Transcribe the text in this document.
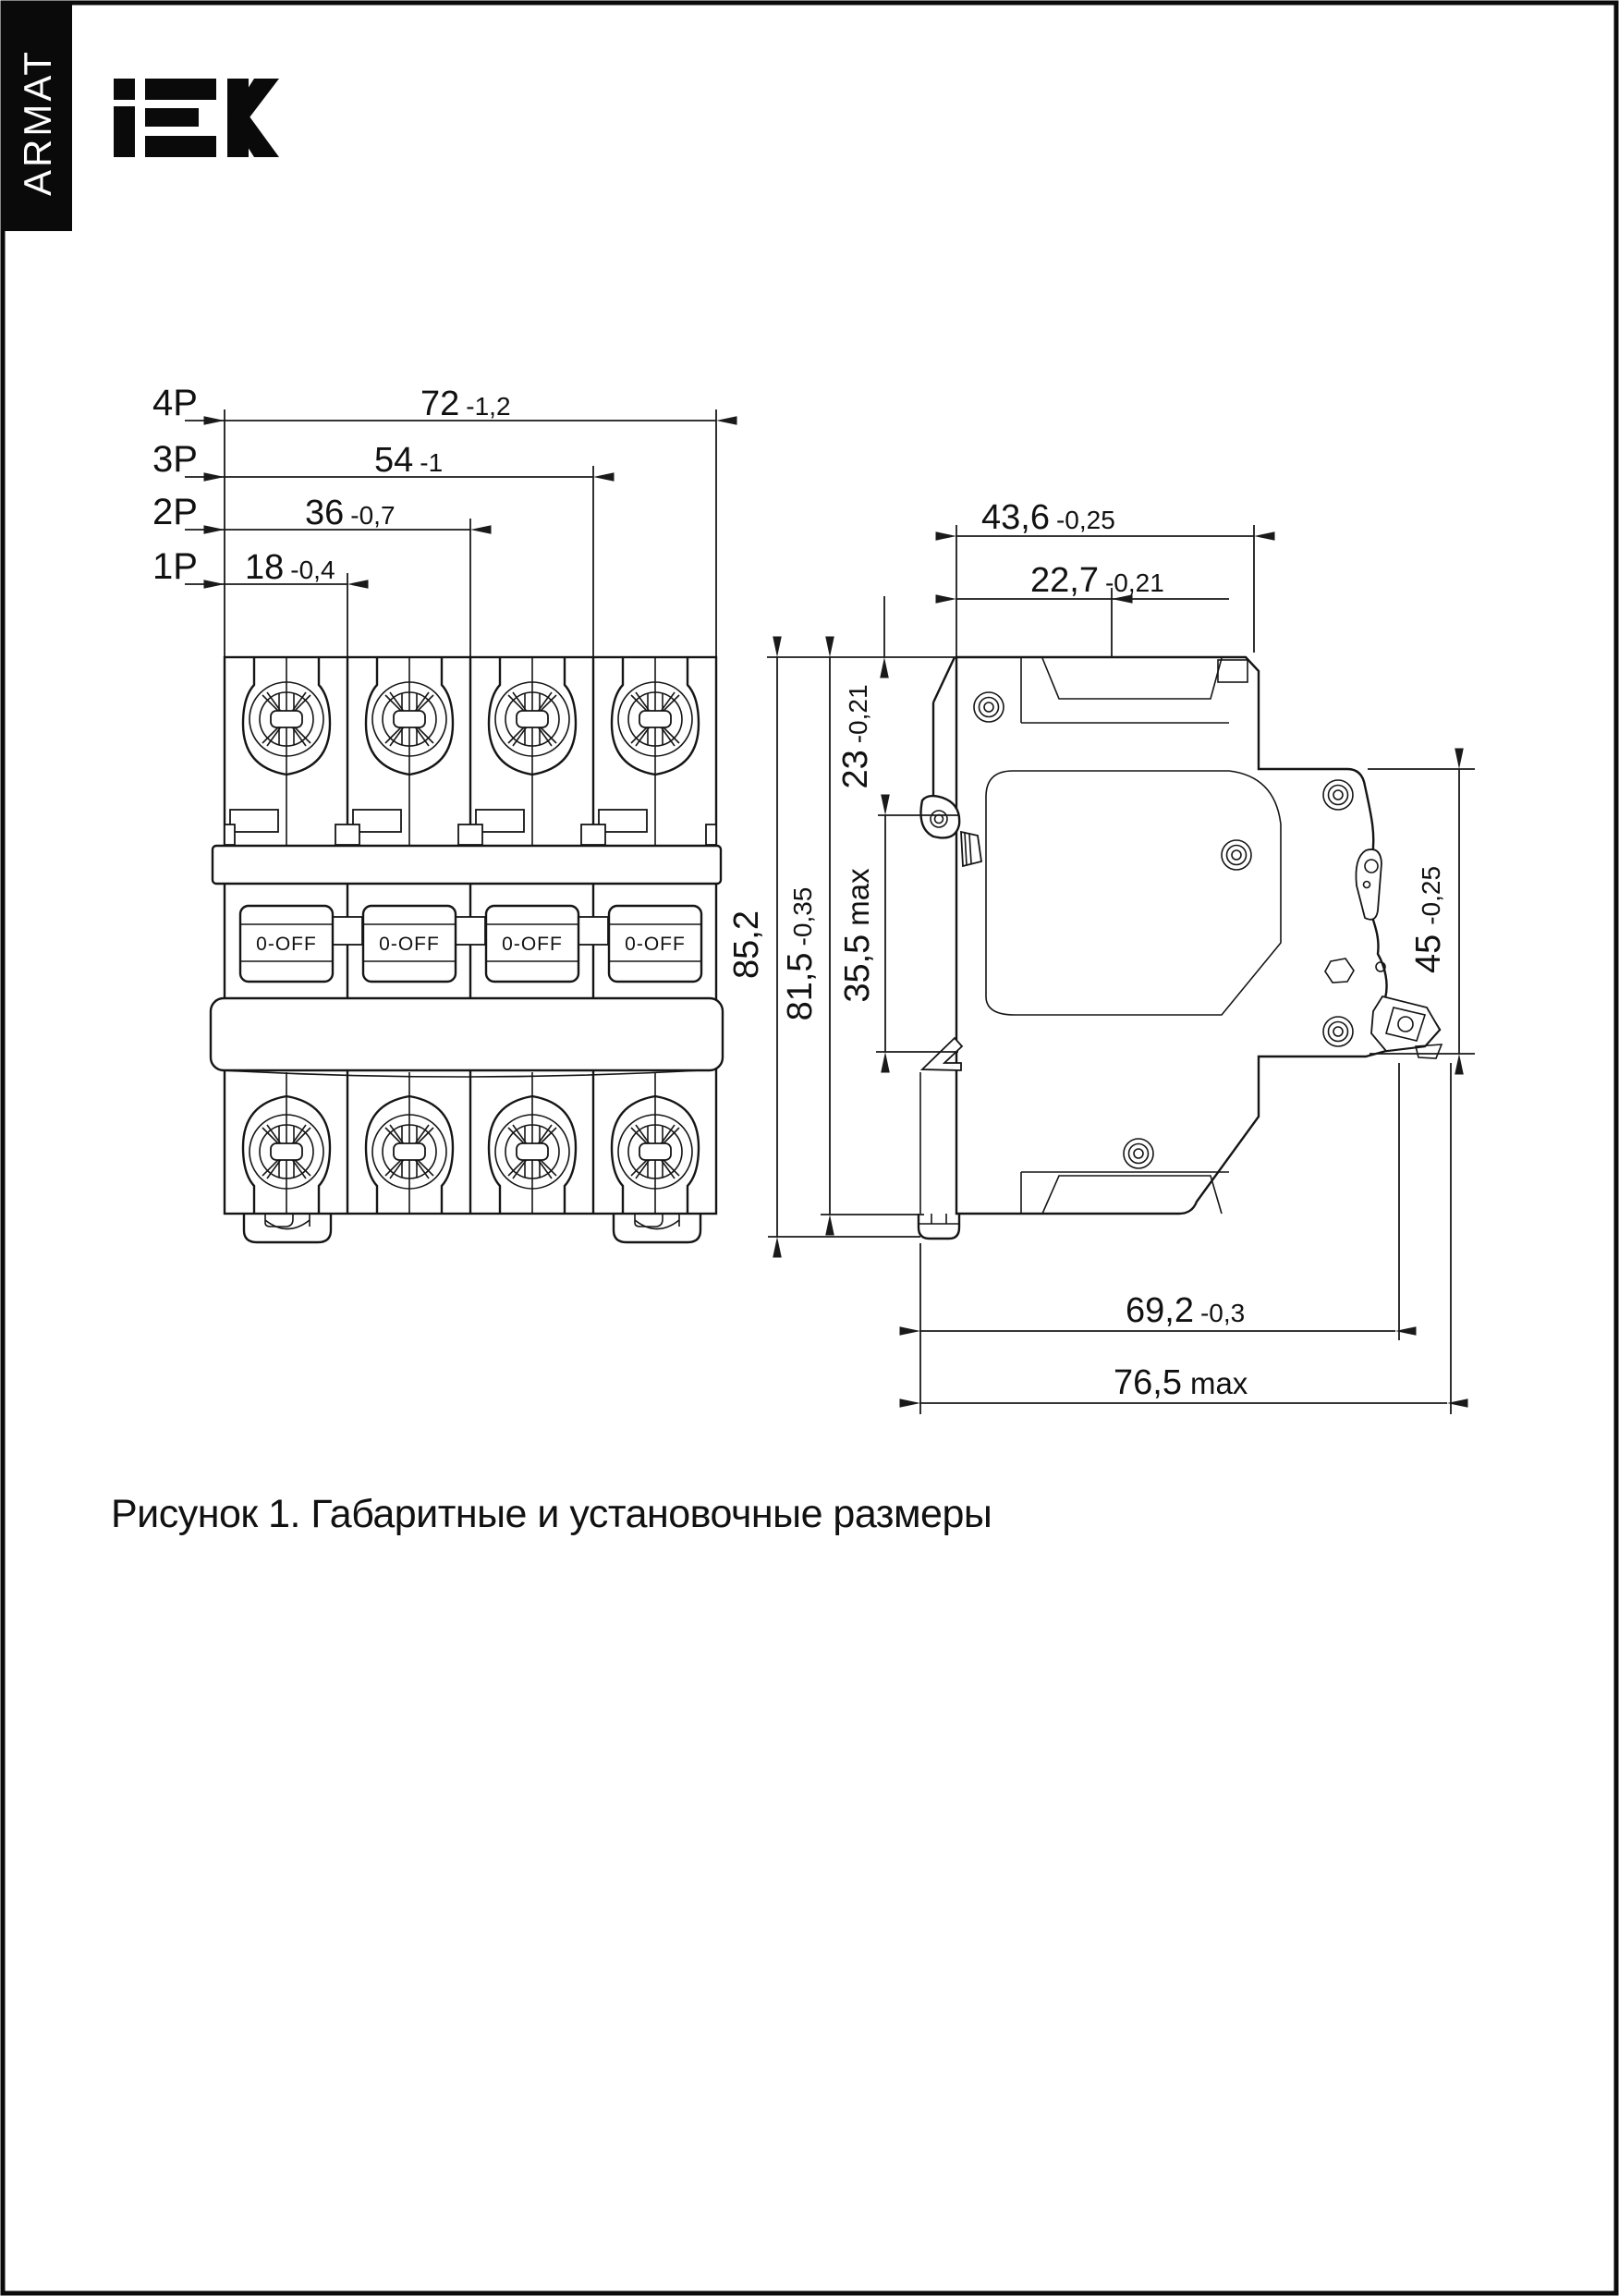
ARMAT
4P
3P
2P
1P
72 -1,2
54 -1
36 -0,7
18 -0,4
0-OFF	0-OFF	0-OFF	0-OFF
43,6 -0,25
22,7 -0,21
23-0,21
35,5max
85,2
81,5-0,35
45-0,25
69,2 -0,3
76,5 max
Рисунок 1. Габаритные и установочные размеры
